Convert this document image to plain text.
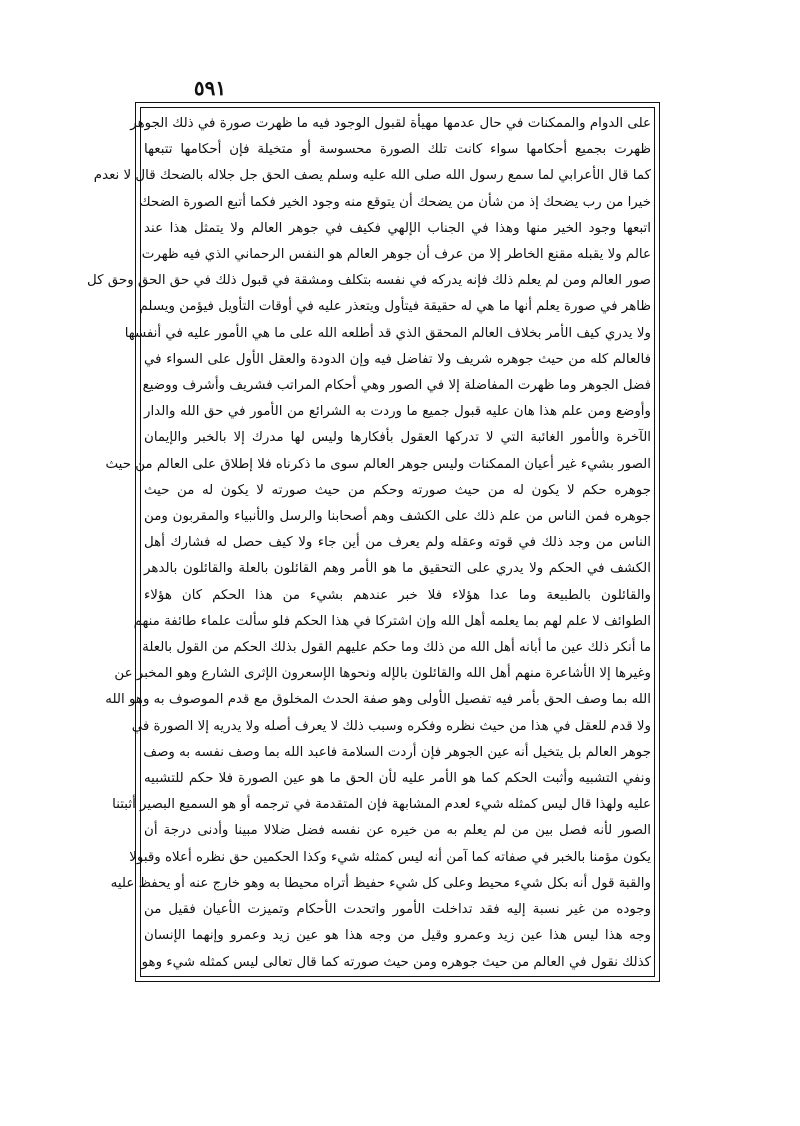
٥٩١
على الدوام والممكنات في حال عدمها مهيأة لقبول الوجود فيه ما ظهرت صورة في ذلك الجوهر
ظهرت بجميع أحكامها سواء كانت تلك الصورة محسوسة أو متخيلة فإن أحكامها تتبعها
كما قال الأعرابي لما سمع رسول الله صلى الله عليه وسلم يصف الحق جل جلاله بالضحك قال لا نعدم
خيرا من رب يضحك إذ من شأن من يضحك أن يتوقع منه وجود الخير فكما أتبع الصورة الضحك
اتبعها وجود الخير منها وهذا في الجناب الإلهي فكيف في جوهر العالم ولا يتمثل هذا عند
عالم ولا يقبله مقنع الخاطر إلا من عرف أن جوهر العالم هو النفس الرحماني الذي فيه ظهرت
صور العالم ومن لم يعلم ذلك فإنه يدركه في نفسه بتكلف ومشقة في قبول ذلك في حق الحق وحق كل
ظاهر في صورة يعلم أنها ما هي له حقيقة فيتأول ويتعذر عليه في أوقات التأويل فيؤمن ويسلم
ولا يدري كيف الأمر بخلاف العالم المحقق الذي قد أطلعه الله على ما هي الأمور عليه في أنفسها
فالعالم كله من حيث جوهره شريف ولا تفاضل فيه وإن الدودة والعقل الأول على السواء في
فضل الجوهر وما ظهرت المفاضلة إلا في الصور وهي أحكام المراتب فشريف وأشرف ووضيع
وأوضع ومن علم هذا هان عليه قبول جميع ما وردت به الشرائع من الأمور في حق الله والدار
الآخرة والأمور الغائبة التي لا تدركها العقول بأفكارها وليس لها مدرك إلا بالخبر والإيمان
الصور بشيء غير أعيان الممكنات وليس جوهر العالم سوى ما ذكرناه فلا إطلاق على العالم من حيث
جوهره حكم لا يكون له من حيث صورته وحكم من حيث صورته لا يكون له من حيث
جوهره فمن الناس من علم ذلك على الكشف وهم أصحابنا والرسل والأنبياء والمقربون ومن
الناس من وجد ذلك في قوته وعقله ولم يعرف من أين جاء ولا كيف حصل له فشارك أهل
الكشف في الحكم ولا يدري على التحقيق ما هو الأمر وهم القائلون بالعلة والقائلون بالدهر
والقائلون بالطبيعة وما عدا هؤلاء فلا خبر عندهم بشيء من هذا الحكم كان هؤلاء
الطوائف لا علم لهم بما يعلمه أهل الله وإن اشتركا في هذا الحكم فلو سألت علماء طائفة منهم
ما أنكر ذلك عين ما أبانه أهل الله من ذلك وما حكم عليهم القول بذلك الحكم من القول بالعلة
وغيرها إلا الأشاعرة منهم أهل الله والقائلون بالإله ونحوها الإسعرون الإثرى الشارع وهو المخبر عن
الله بما وصف الحق بأمر فيه تفصيل الأولى وهو صفة الحدث المخلوق مع قدم الموصوف به وهو الله
ولا قدم للعقل في هذا من حيث نظره وفكره وسبب ذلك لا يعرف أصله ولا يدريه إلا الصورة في
جوهر العالم بل يتخيل أنه عين الجوهر فإن أردت السلامة فاعبد الله بما وصف نفسه به وصف
ونفي التشبيه وأثبت الحكم كما هو الأمر عليه لأن الحق ما هو عين الصورة فلا حكم للتشبيه
عليه ولهذا قال ليس كمثله شيء لعدم المشابهة فإن المتقدمة في ترجمه أو هو السميع البصير أثبتنا
الصور لأنه فصل بين من لم يعلم به من خيره عن نفسه فضل ضلالا مبينا وأدنى درجة أن
يكون مؤمنا بالخبر في صفاته كما آمن أنه ليس كمثله شيء وكذا الحكمين حق نظره أعلاه وقبولا
والقبة قول أنه بكل شيء محيط وعلى كل شيء حفيظ أتراه محيطا به وهو خارج عنه أو يحفظ عليه
وجوده من غير نسبة إليه فقد تداخلت الأمور واتحدت الأحكام وتميزت الأعيان فقيل من
وجه هذا ليس هذا عين زيد وعمرو وقيل من وجه هذا هو عين زيد وعمرو وإنهما الإنسان
كذلك نقول في العالم من حيث جوهره ومن حيث صورته كما قال تعالى ليس كمثله شيء وهو
